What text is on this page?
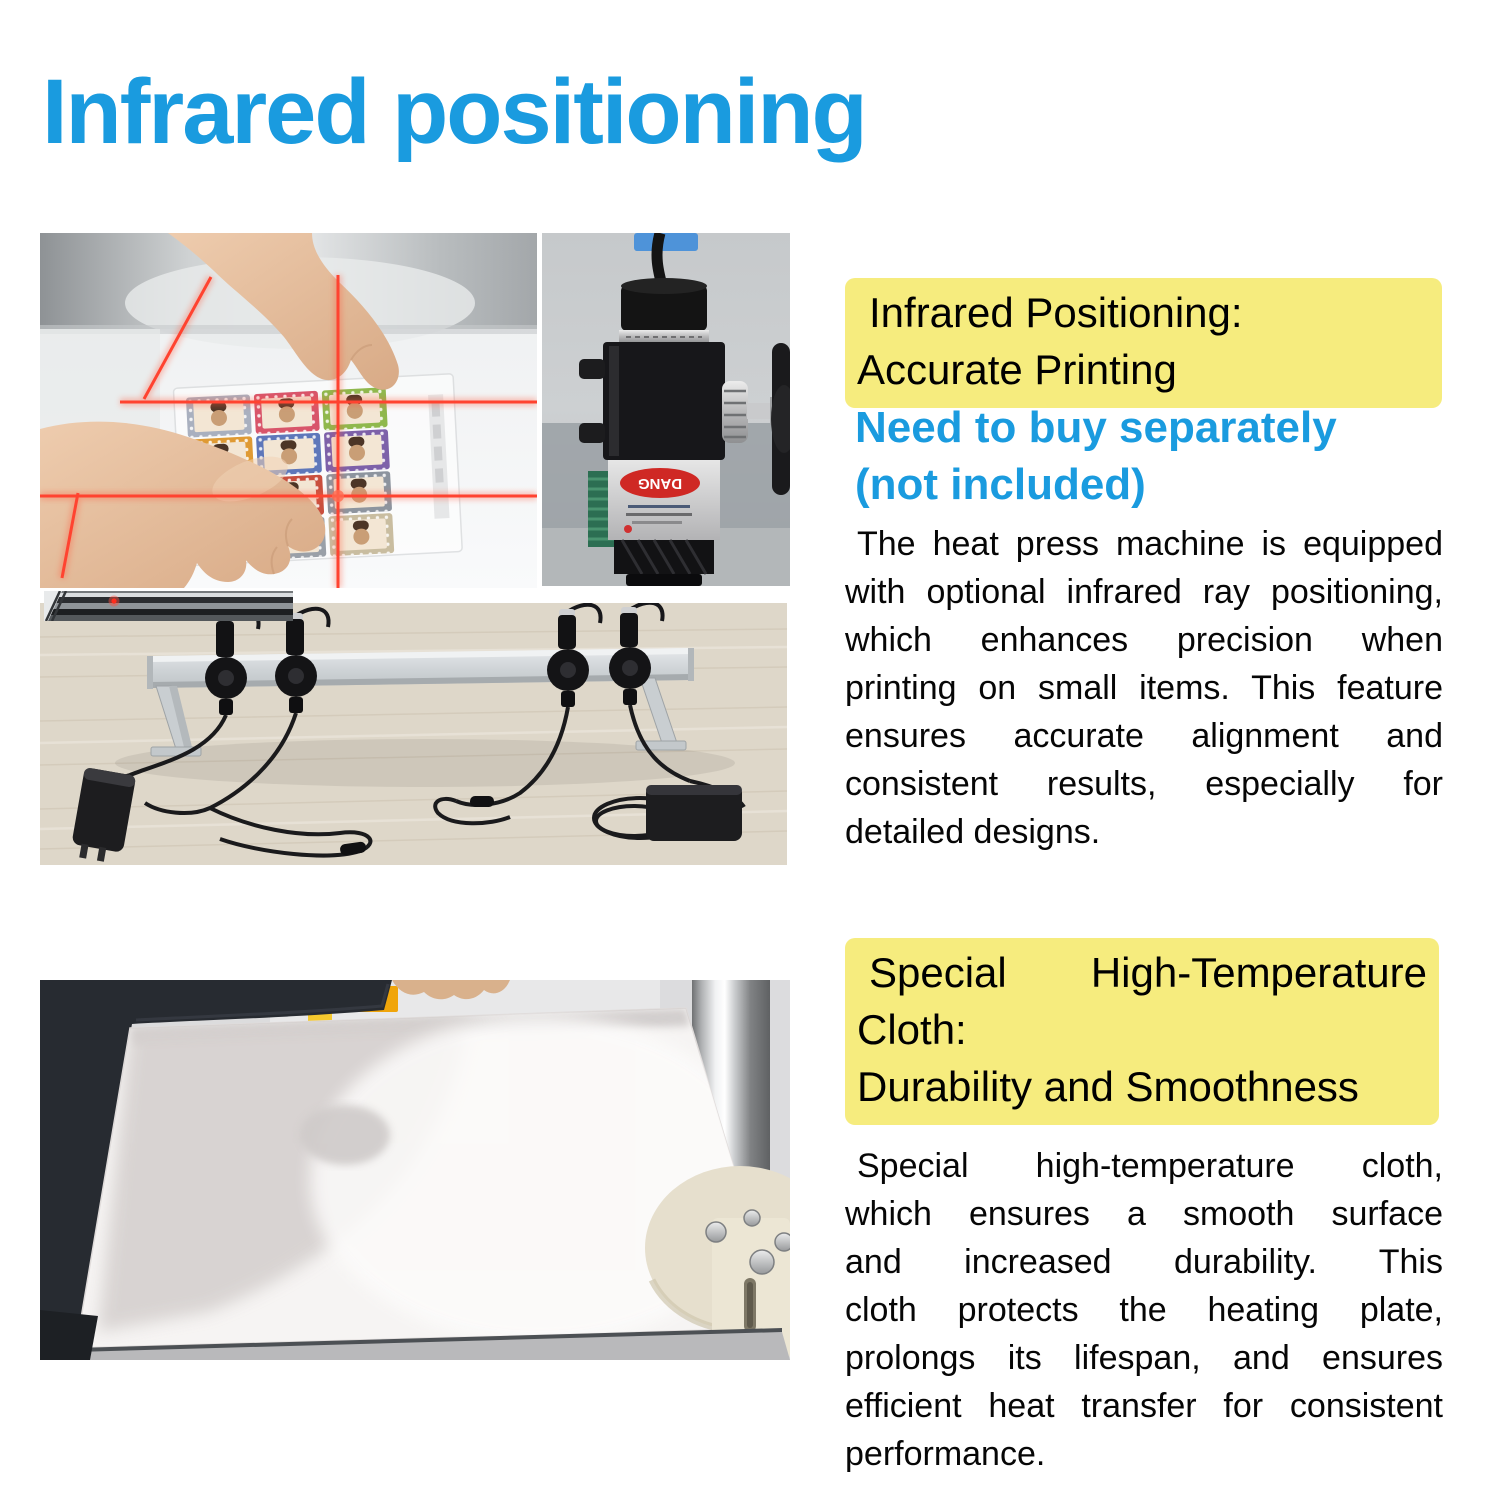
Infrared positioning
DANG
Infrared Positioning:
Accurate Printing
Need to buy separately
(not included)
The heat press machine is equipped
with optional infrared ray positioning,
which enhances precision when
printing on small items. This feature
ensures accurate alignment and
consistent results, especially for
detailed designs.
Special High-Temperature
Cloth:
Durability and Smoothness
Special high-temperature cloth,
which ensures a smooth surface
and increased durability. This
cloth protects the heating plate,
prolongs its lifespan, and ensures
efficient heat transfer for consistent
performance.
